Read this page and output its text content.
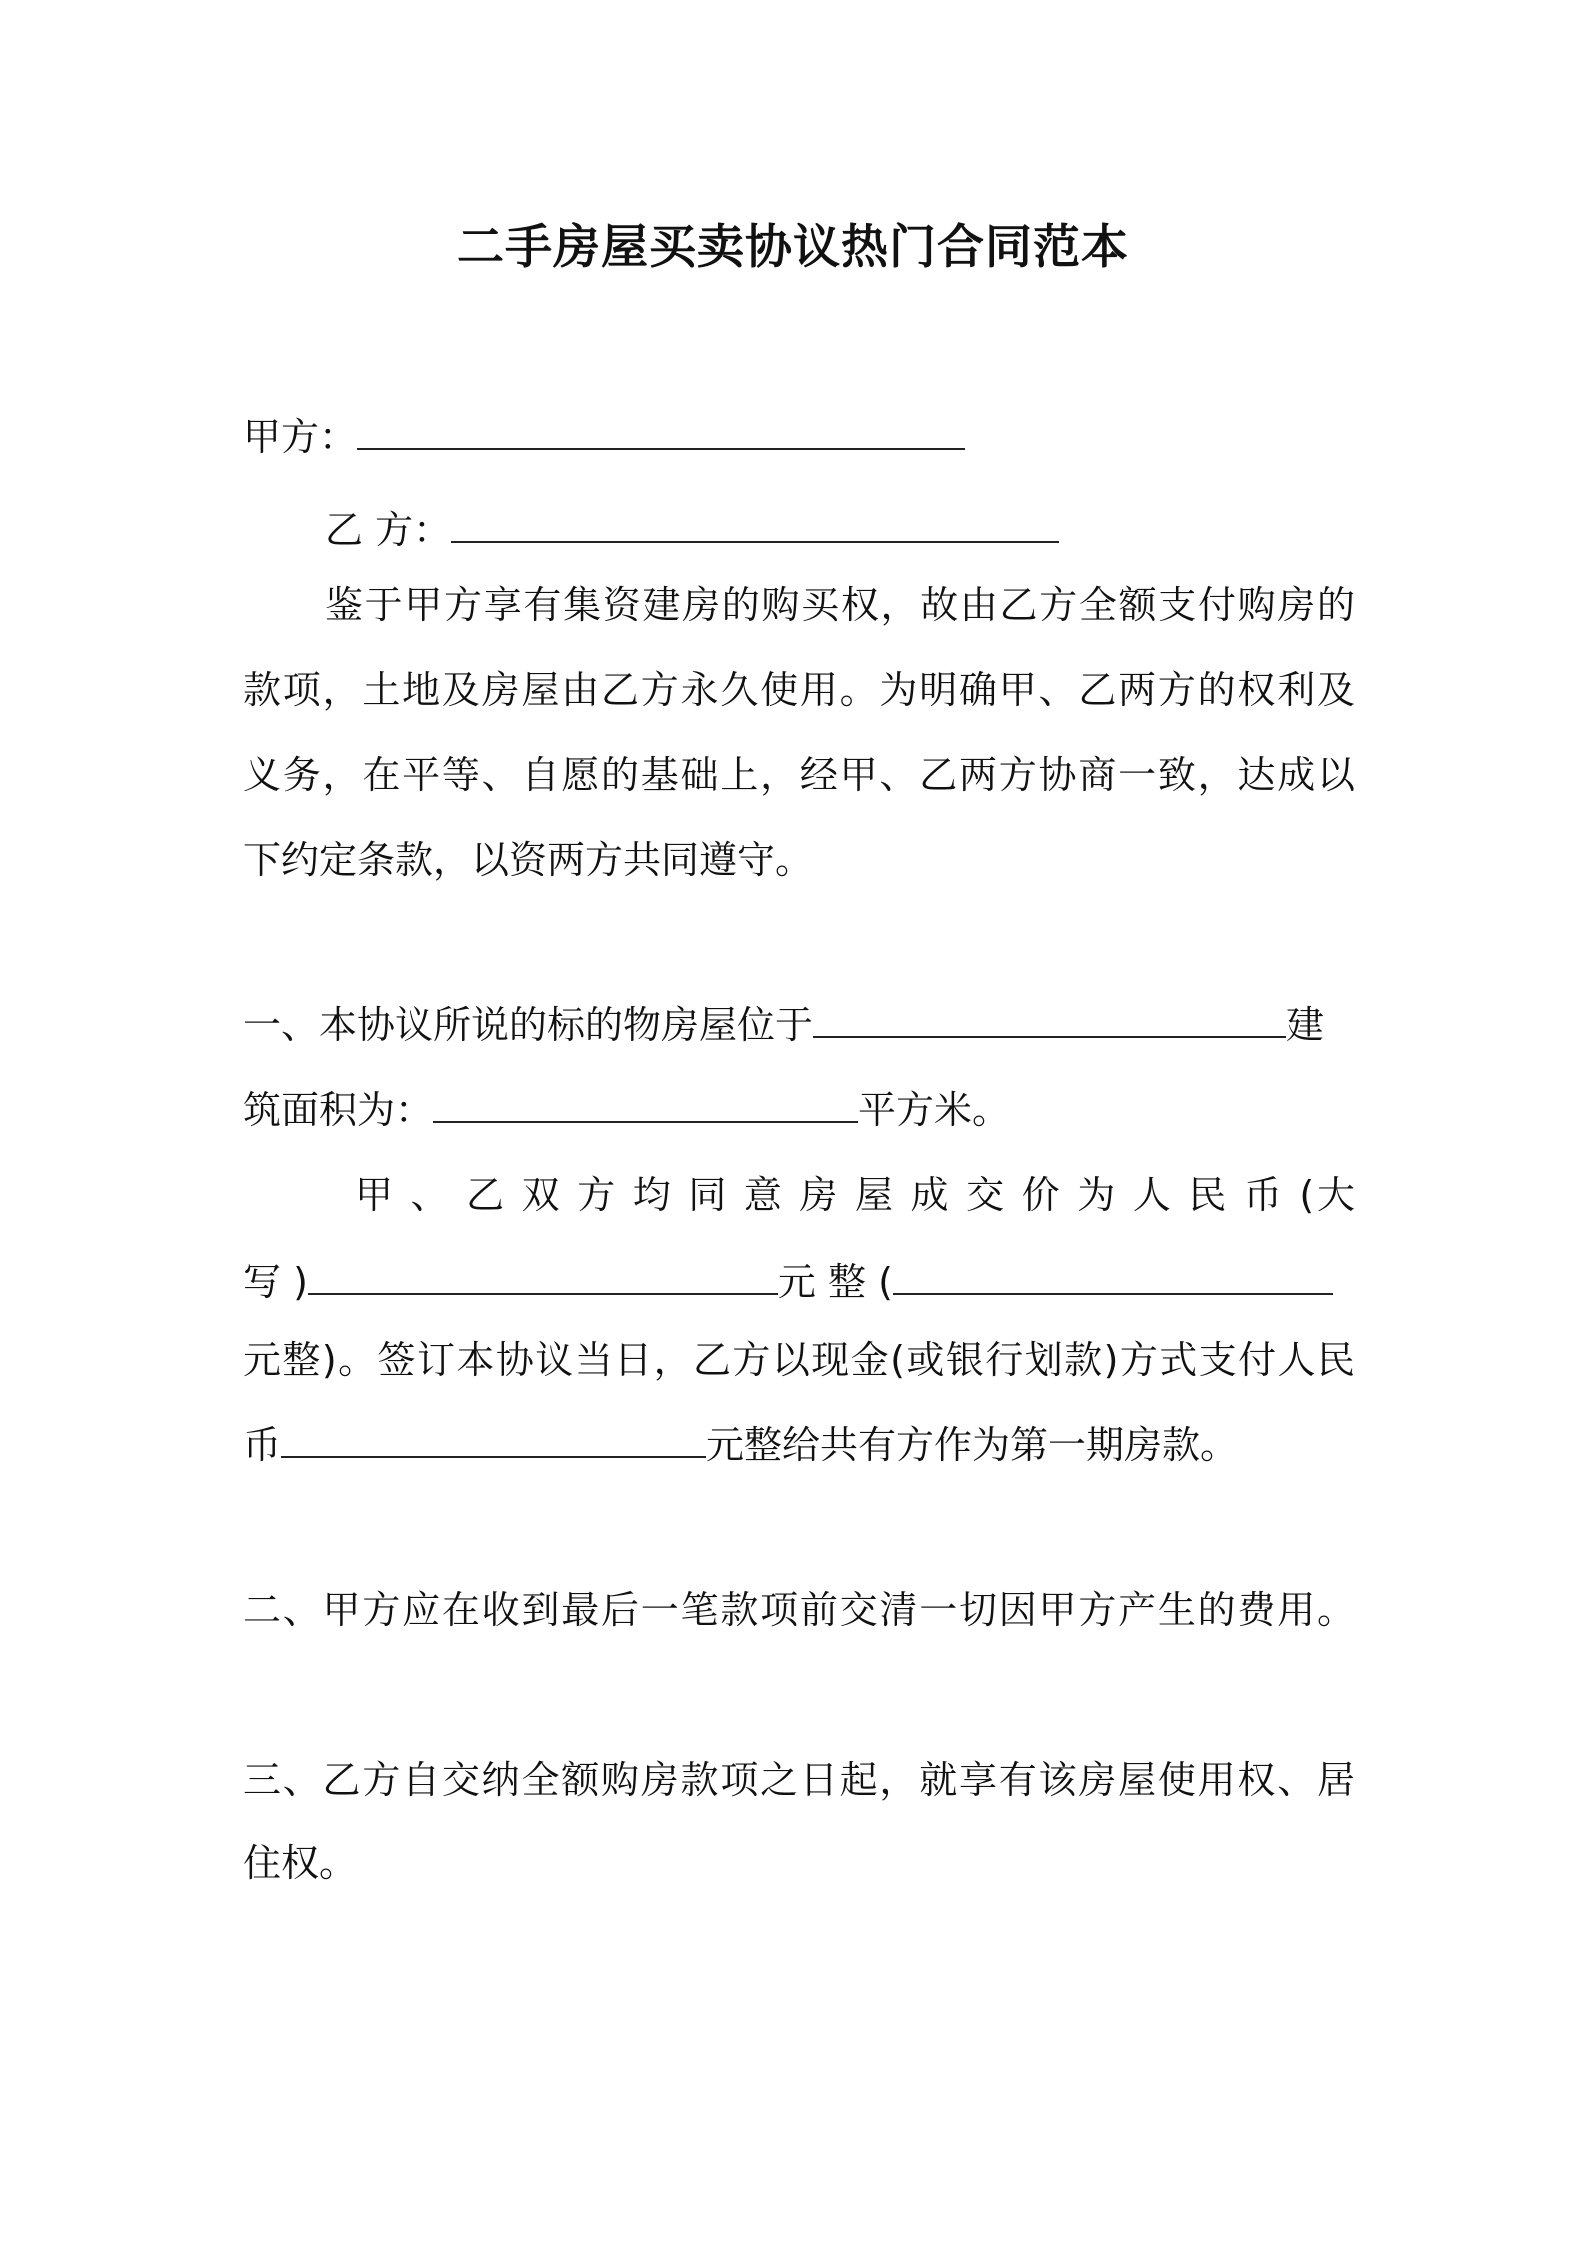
二手房屋买卖协议热门合同范本
甲方：
乙 方：
鉴于甲方享有集资建房的购买权，故由乙方全额支付购房的
款项，土地及房屋由乙方永久使用。为明确甲、乙两方的权利及
义务，在平等、自愿的基础上，经甲、乙两方协商一致，达成以
下约定条款，以资两方共同遵守。
一、本协议所说的标的物房屋位于	建
筑面积为：	平方米。
甲 、 乙 双 方 均 同 意 房 屋 成 交 价 为 人 民 币 (大
写 )	元 整 (
元整)。签订本协议当日，乙方以现金(或银行划款)方式支付人民
币	元整给共有方作为第一期房款。
二、甲方应在收到最后一笔款项前交清一切因甲方产生的费用。
三、乙方自交纳全额购房款项之日起，就享有该房屋使用权、居
住权。
